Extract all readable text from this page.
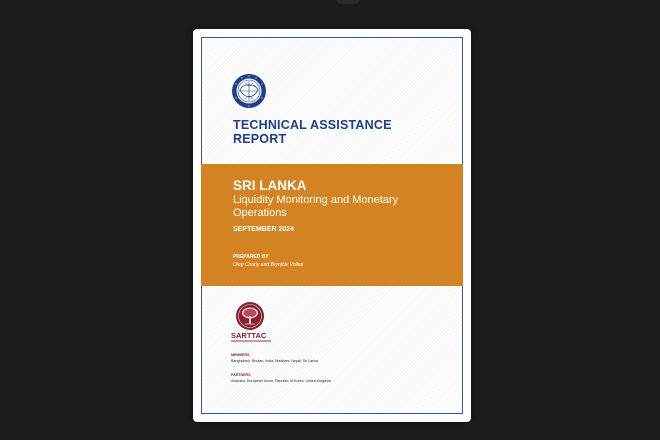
TECHNICAL ASSISTANCE
REPORT
SRI LANKA
Liquidity Monitoring and Monetary
Operations
SEPTEMBER 2024
PREPARED BY
Oleg Churiy and Brynjólv Vollan
SARTTAC
MEMBERS
Bangladesh, Bhutan, India, Maldives, Nepal, Sri Lanka
PARTNERS
Australia, European Union, Republic of Korea, United Kingdom
